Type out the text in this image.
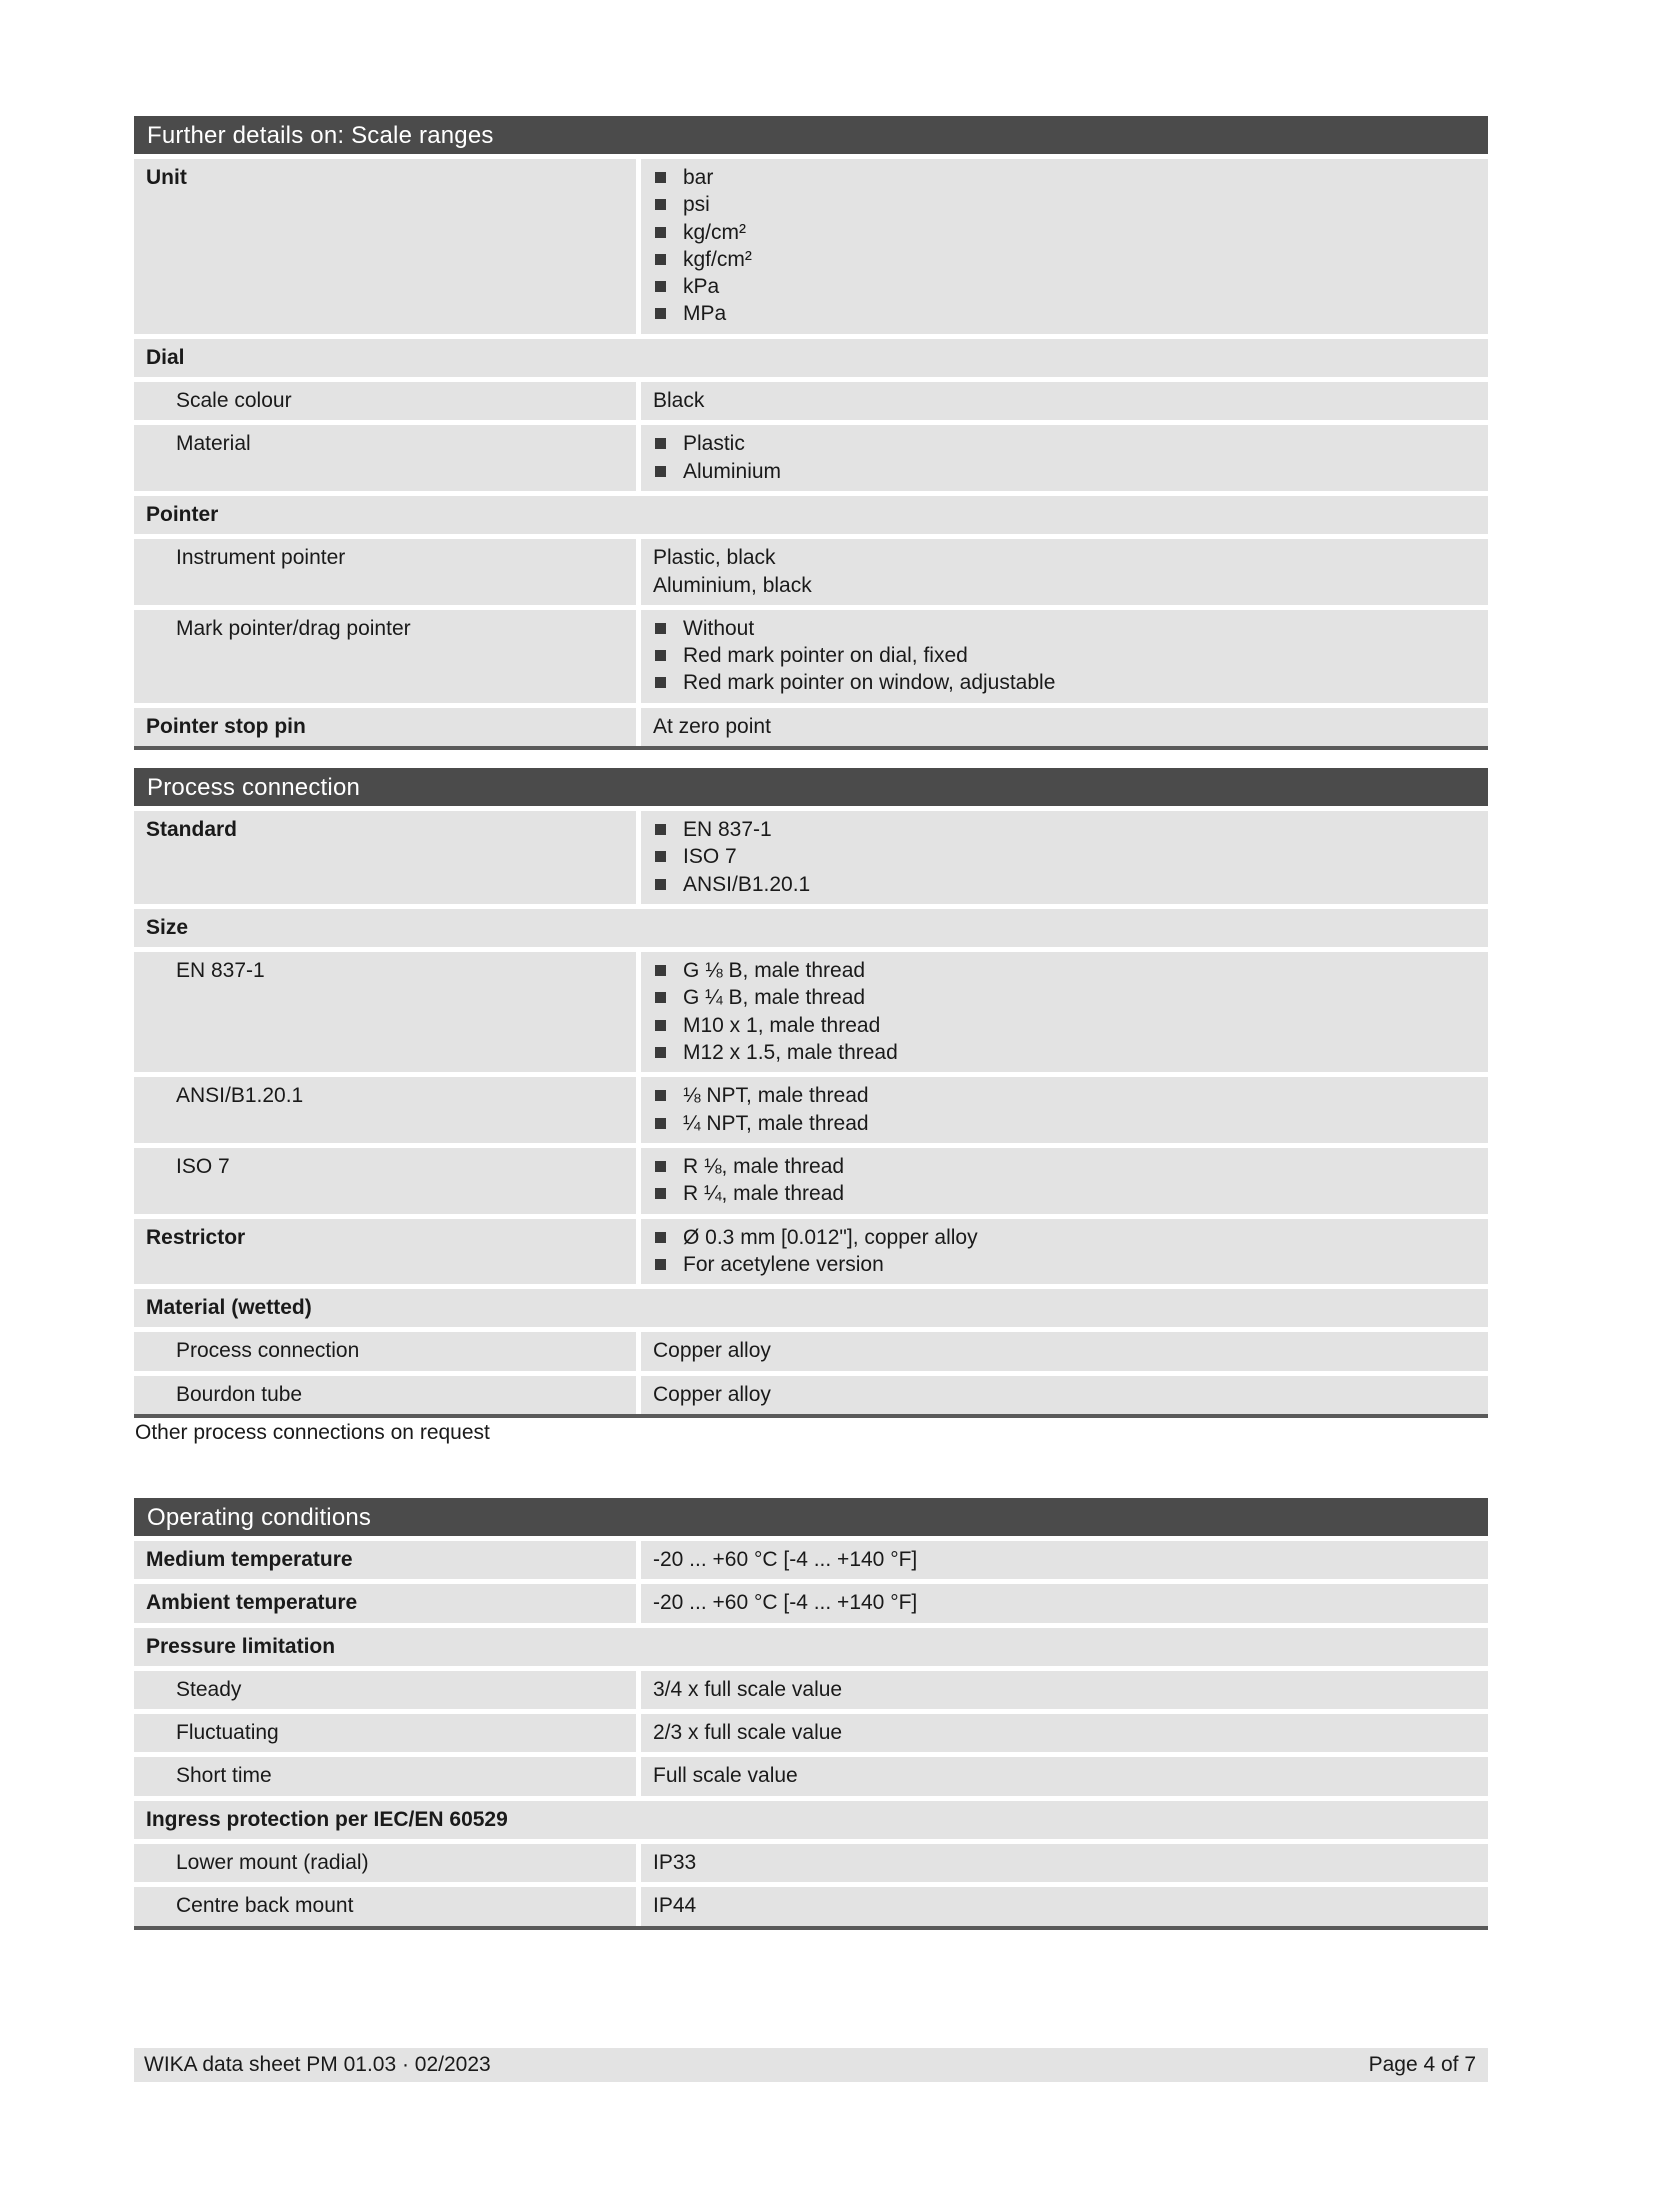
Further details on: Scale ranges
Unit	bar
psi
kg/cm²
kgf/cm²
kPa
MPa
Dial
Scale colour	Black
Material	Plastic
Aluminium
Pointer
Instrument pointer	Plastic, black
Aluminium, black
Mark pointer/drag pointer	Without
Red mark pointer on dial, fixed
Red mark pointer on window, adjustable
Pointer stop pin	At zero point
Process connection
Standard	EN 837-1
ISO 7
ANSI/B1.20.1
Size
EN 837-1	G ⅛ B, male thread
G ¼ B, male thread
M10 x 1, male thread
M12 x 1.5, male thread
ANSI/B1.20.1	⅛ NPT, male thread
¼ NPT, male thread
ISO 7	R ⅛, male thread
R ¼, male thread
Restrictor	Ø 0.3 mm [0.012"], copper alloy
For acetylene version
Material (wetted)
Process connection	Copper alloy
Bourdon tube	Copper alloy
Other process connections on request
Operating conditions
Medium temperature	-20 ... +60 °C [-4 ... +140 °F]
Ambient temperature	-20 ... +60 °C [-4 ... +140 °F]
Pressure limitation
Steady	3/4 x full scale value
Fluctuating	2/3 x full scale value
Short time	Full scale value
Ingress protection per IEC/EN 60529
Lower mount (radial)	IP33
Centre back mount	IP44
WIKA data sheet PM 01.03 · 02/2023	Page 4 of 7
